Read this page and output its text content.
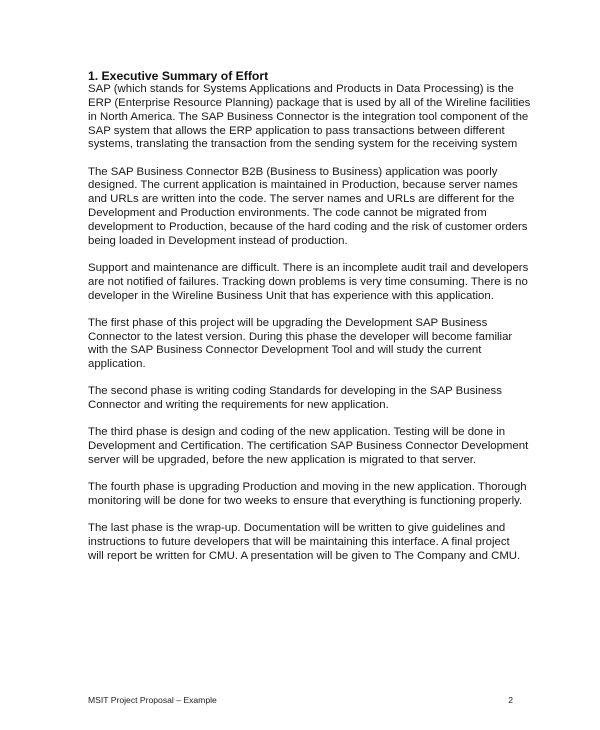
1. Executive Summary of Effort

SAP (which stands for Systems Applications and Products in Data Processing) is the
ERP (Enterprise Resource Planning) package that is used by all of the Wireline facilities
in North America. The SAP Business Connector is the integration tool component of the
SAP system that allows the ERP application to pass transactions between different
systems, translating the transaction from the sending system for the receiving system

The SAP Business Connector B2B (Business to Business) application was poorly
designed. The current application is maintained in Production, because server names
and URLs are written into the code. The server names and URLs are different for the
Development and Production environments. The code cannot be migrated from
development to Production, because of the hard coding and the risk of customer orders
being loaded in Development instead of production.

Support and maintenance are difficult. There is an incomplete audit trail and developers
are not notified of failures. Tracking down problems is very time consuming. There is no
developer in the Wireline Business Unit that has experience with this application.

The first phase of this project will be upgrading the Development SAP Business
Connector to the latest version. During this phase the developer will become familiar
with the SAP Business Connector Development Tool and will study the current
application.

The second phase is writing coding Standards for developing in the SAP Business
Connector and writing the requirements for new application.

The third phase is design and coding of the new application. Testing will be done in
Development and Certification. The certification SAP Business Connector Development
server will be upgraded, before the new application is migrated to that server.

The fourth phase is upgrading Production and moving in the new application. Thorough
monitoring will be done for two weeks to ensure that everything is functioning properly.

The last phase is the wrap-up. Documentation will be written to give guidelines and
instructions to future developers that will be maintaining this interface. A final project
will report be written for CMU. A presentation will be given to The Company and CMU.

MSIT Project Proposal – Example	2
